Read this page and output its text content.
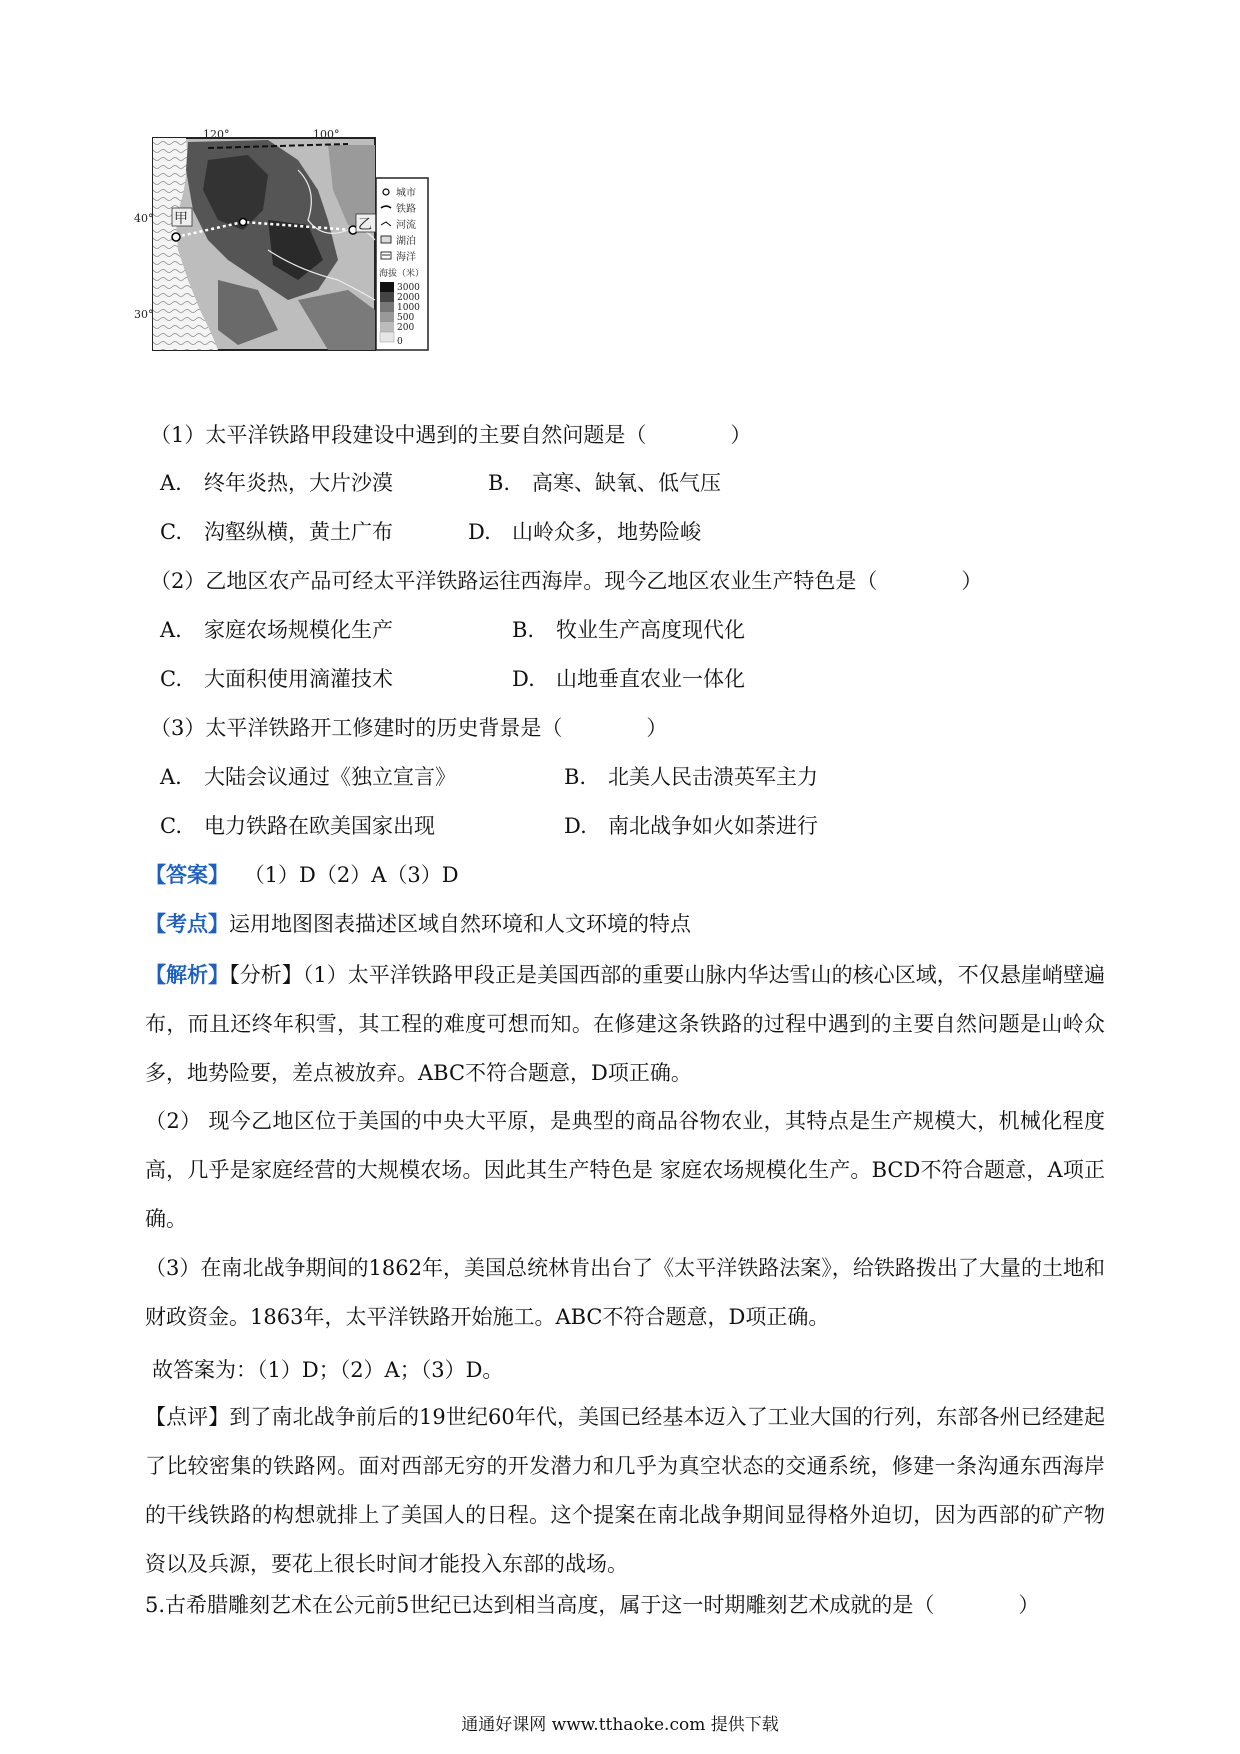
120°	100°
40°
30°
甲	乙
城市
铁路
河流
湖泊
海洋
海拔（米）
3000
2000
1000
500
200
0
（1）太平洋铁路甲段建设中遇到的主要自然问题是（　　　　）
A. 终年炎热，大片沙漠	B. 高寒、缺氧、低气压
C. 沟壑纵横，黄土广布	D. 山岭众多，地势险峻
（2）乙地区农产品可经太平洋铁路运往西海岸。现今乙地区农业生产特色是（　　　　）
A. 家庭农场规模化生产	B. 牧业生产高度现代化
C. 大面积使用滴灌技术	D. 山地垂直农业一体化
（3）太平洋铁路开工修建时的历史背景是（　　　　）
A. 大陆会议通过《独立宣言》	B. 北美人民击溃英军主力
C. 电力铁路在欧美国家出现	D. 南北战争如火如荼进行
【答案】 （1）D（2）A（3）D
【考点】运用地图图表描述区域自然环境和人文环境的特点
【解析】【分析】（1）太平洋铁路甲段正是美国西部的重要山脉内华达雪山的核心区域，不仅悬崖峭壁遍布，而且还终年积雪，其工程的难度可想而知。在修建这条铁路的过程中遇到的主要自然问题是山岭众多，地势险要，差点被放弃。ABC不符合题意，D项正确。
（2） 现今乙地区位于美国的中央大平原，是典型的商品谷物农业，其特点是生产规模大，机械化程度高，几乎是家庭经营的大规模农场。因此其生产特色是 家庭农场规模化生产。BCD不符合题意，A项正确。
（3）在南北战争期间的1862年，美国总统林肯出台了《太平洋铁路法案》，给铁路拨出了大量的土地和财政资金。1863年，太平洋铁路开始施工。ABC不符合题意，D项正确。
故答案为：（1）D；（2）A；（3）D。
【点评】到了南北战争前后的19世纪60年代，美国已经基本迈入了工业大国的行列，东部各州已经建起了比较密集的铁路网。面对西部无穷的开发潜力和几乎为真空状态的交通系统，修建一条沟通东西海岸的干线铁路的构想就排上了美国人的日程。这个提案在南北战争期间显得格外迫切，因为西部的矿产物资以及兵源，要花上很长时间才能投入东部的战场。
5.古希腊雕刻艺术在公元前5世纪已达到相当高度，属于这一时期雕刻艺术成就的是（　　　　）
通通好课网 www.tthaoke.com 提供下载
